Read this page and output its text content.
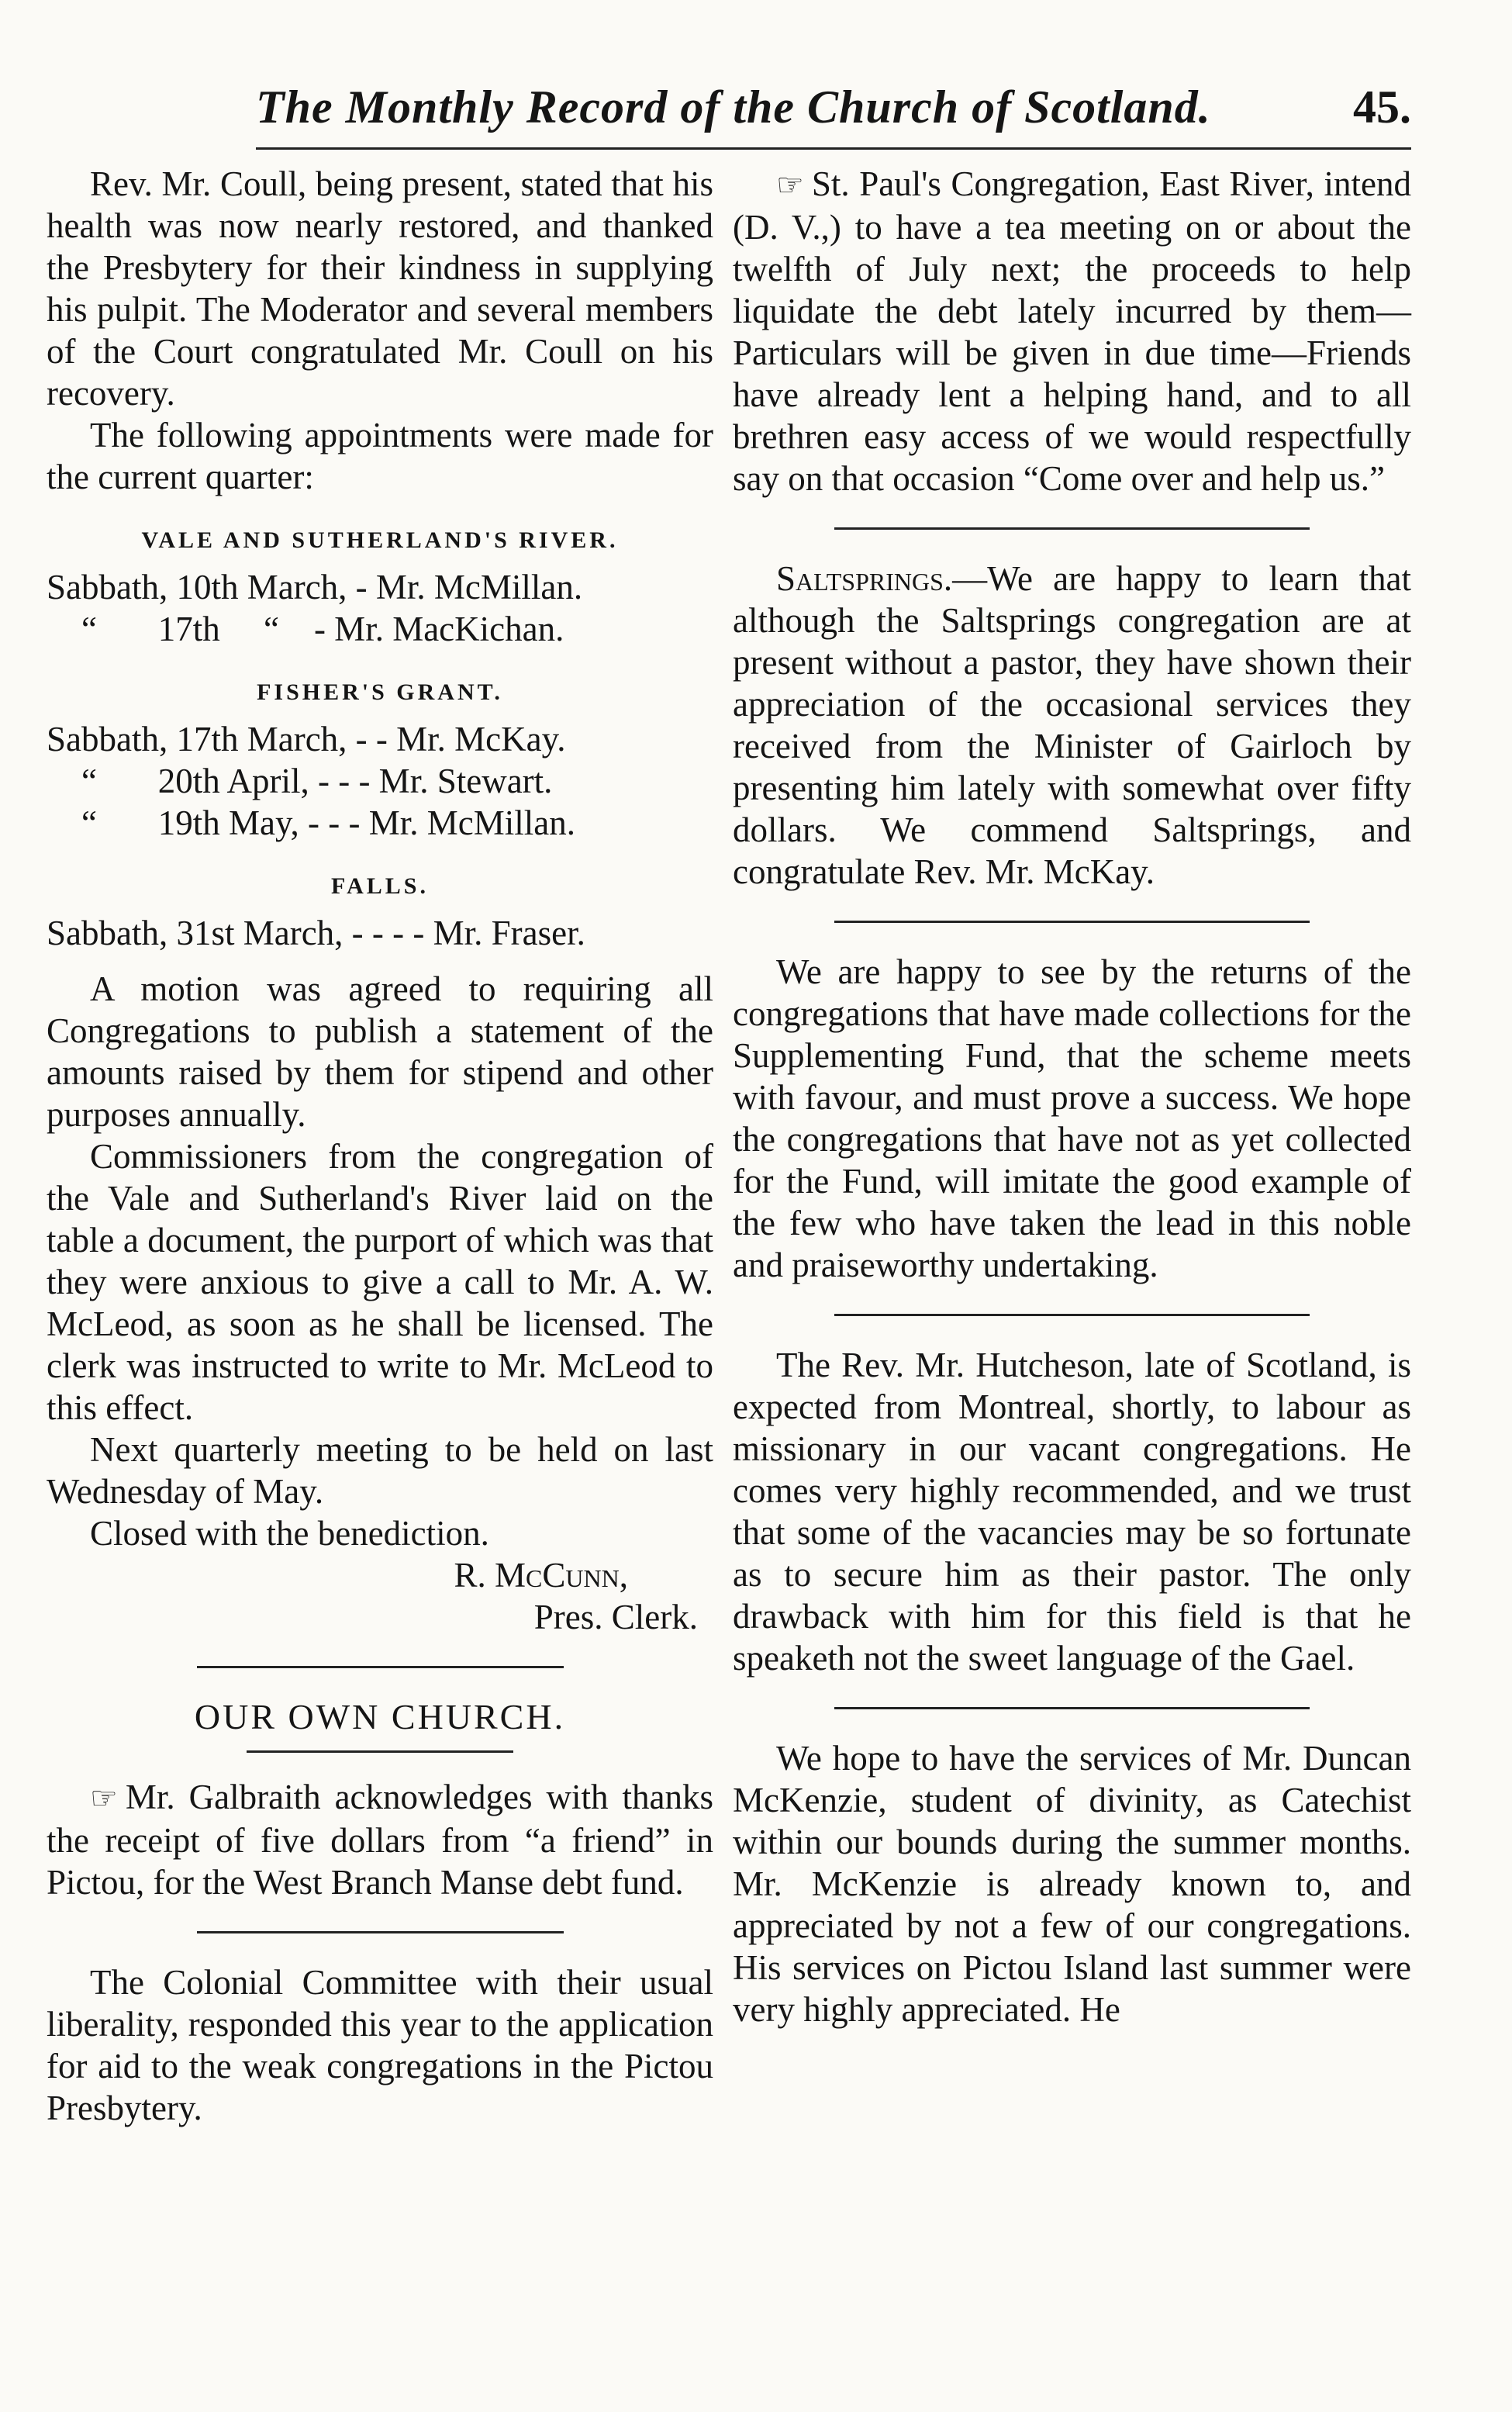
The Monthly Record of the Church of Scotland.	45.

Rev. Mr. Coull, being present, stated that his health was now nearly restored, and thanked the Presbytery for their kindness in supplying his pulpit. The Moderator and several members of the Court congratulated Mr. Coull on his recovery.

The following appointments were made for the current quarter:

VALE AND SUTHERLAND'S RIVER.
Sabbath, 10th March, - Mr. McMillan.
“       17th     “    - Mr. MacKichan.
FISHER'S GRANT.
Sabbath, 17th March, - - Mr. McKay.
“       20th April, - - - Mr. Stewart.
“       19th May, - - - Mr. McMillan.
FALLS.
Sabbath, 31st March, - - - - Mr. Fraser.

A motion was agreed to requiring all Congregations to publish a statement of the amounts raised by them for stipend and other purposes annually.

Commissioners from the congregation of the Vale and Sutherland's River laid on the table a document, the purport of which was that they were anxious to give a call to Mr. A. W. McLeod, as soon as he shall be licensed. The clerk was instructed to write to Mr. McLeod to this effect.

Next quarterly meeting to be held on last Wednesday of May.

Closed with the benediction.

R. McCunn,

Pres. Clerk.

OUR OWN CHURCH.

☞ Mr. Galbraith acknowledges with thanks the receipt of five dollars from “a friend” in Pictou, for the West Branch Manse debt fund.

The Colonial Committee with their usual liberality, responded this year to the application for aid to the weak congregations in the Pictou Presbytery.

☞ St. Paul's Congregation, East River, intend (D. V.,) to have a tea meeting on or about the twelfth of July next; the proceeds to help liquidate the debt lately incurred by them—Particulars will be given in due time—Friends have already lent a helping hand, and to all brethren easy access of we would respectfully say on that occasion “Come over and help us.”

Saltsprings.—We are happy to learn that although the Saltsprings congregation are at present without a pastor, they have shown their appreciation of the occasional services they received from the Minister of Gairloch by presenting him lately with somewhat over fifty dollars. We commend Saltsprings, and congratulate Rev. Mr. McKay.

We are happy to see by the returns of the congregations that have made collections for the Supplementing Fund, that the scheme meets with favour, and must prove a success. We hope the congregations that have not as yet collected for the Fund, will imitate the good example of the few who have taken the lead in this noble and praiseworthy undertaking.

The Rev. Mr. Hutcheson, late of Scotland, is expected from Montreal, shortly, to labour as missionary in our vacant congregations. He comes very highly recommended, and we trust that some of the vacancies may be so fortunate as to secure him as their pastor. The only drawback with him for this field is that he speaketh not the sweet language of the Gael.

We hope to have the services of Mr. Duncan McKenzie, student of divinity, as Catechist within our bounds during the summer months. Mr. McKenzie is already known to, and appreciated by not a few of our congregations. His services on Pictou Island last summer were very highly appreciated. He
